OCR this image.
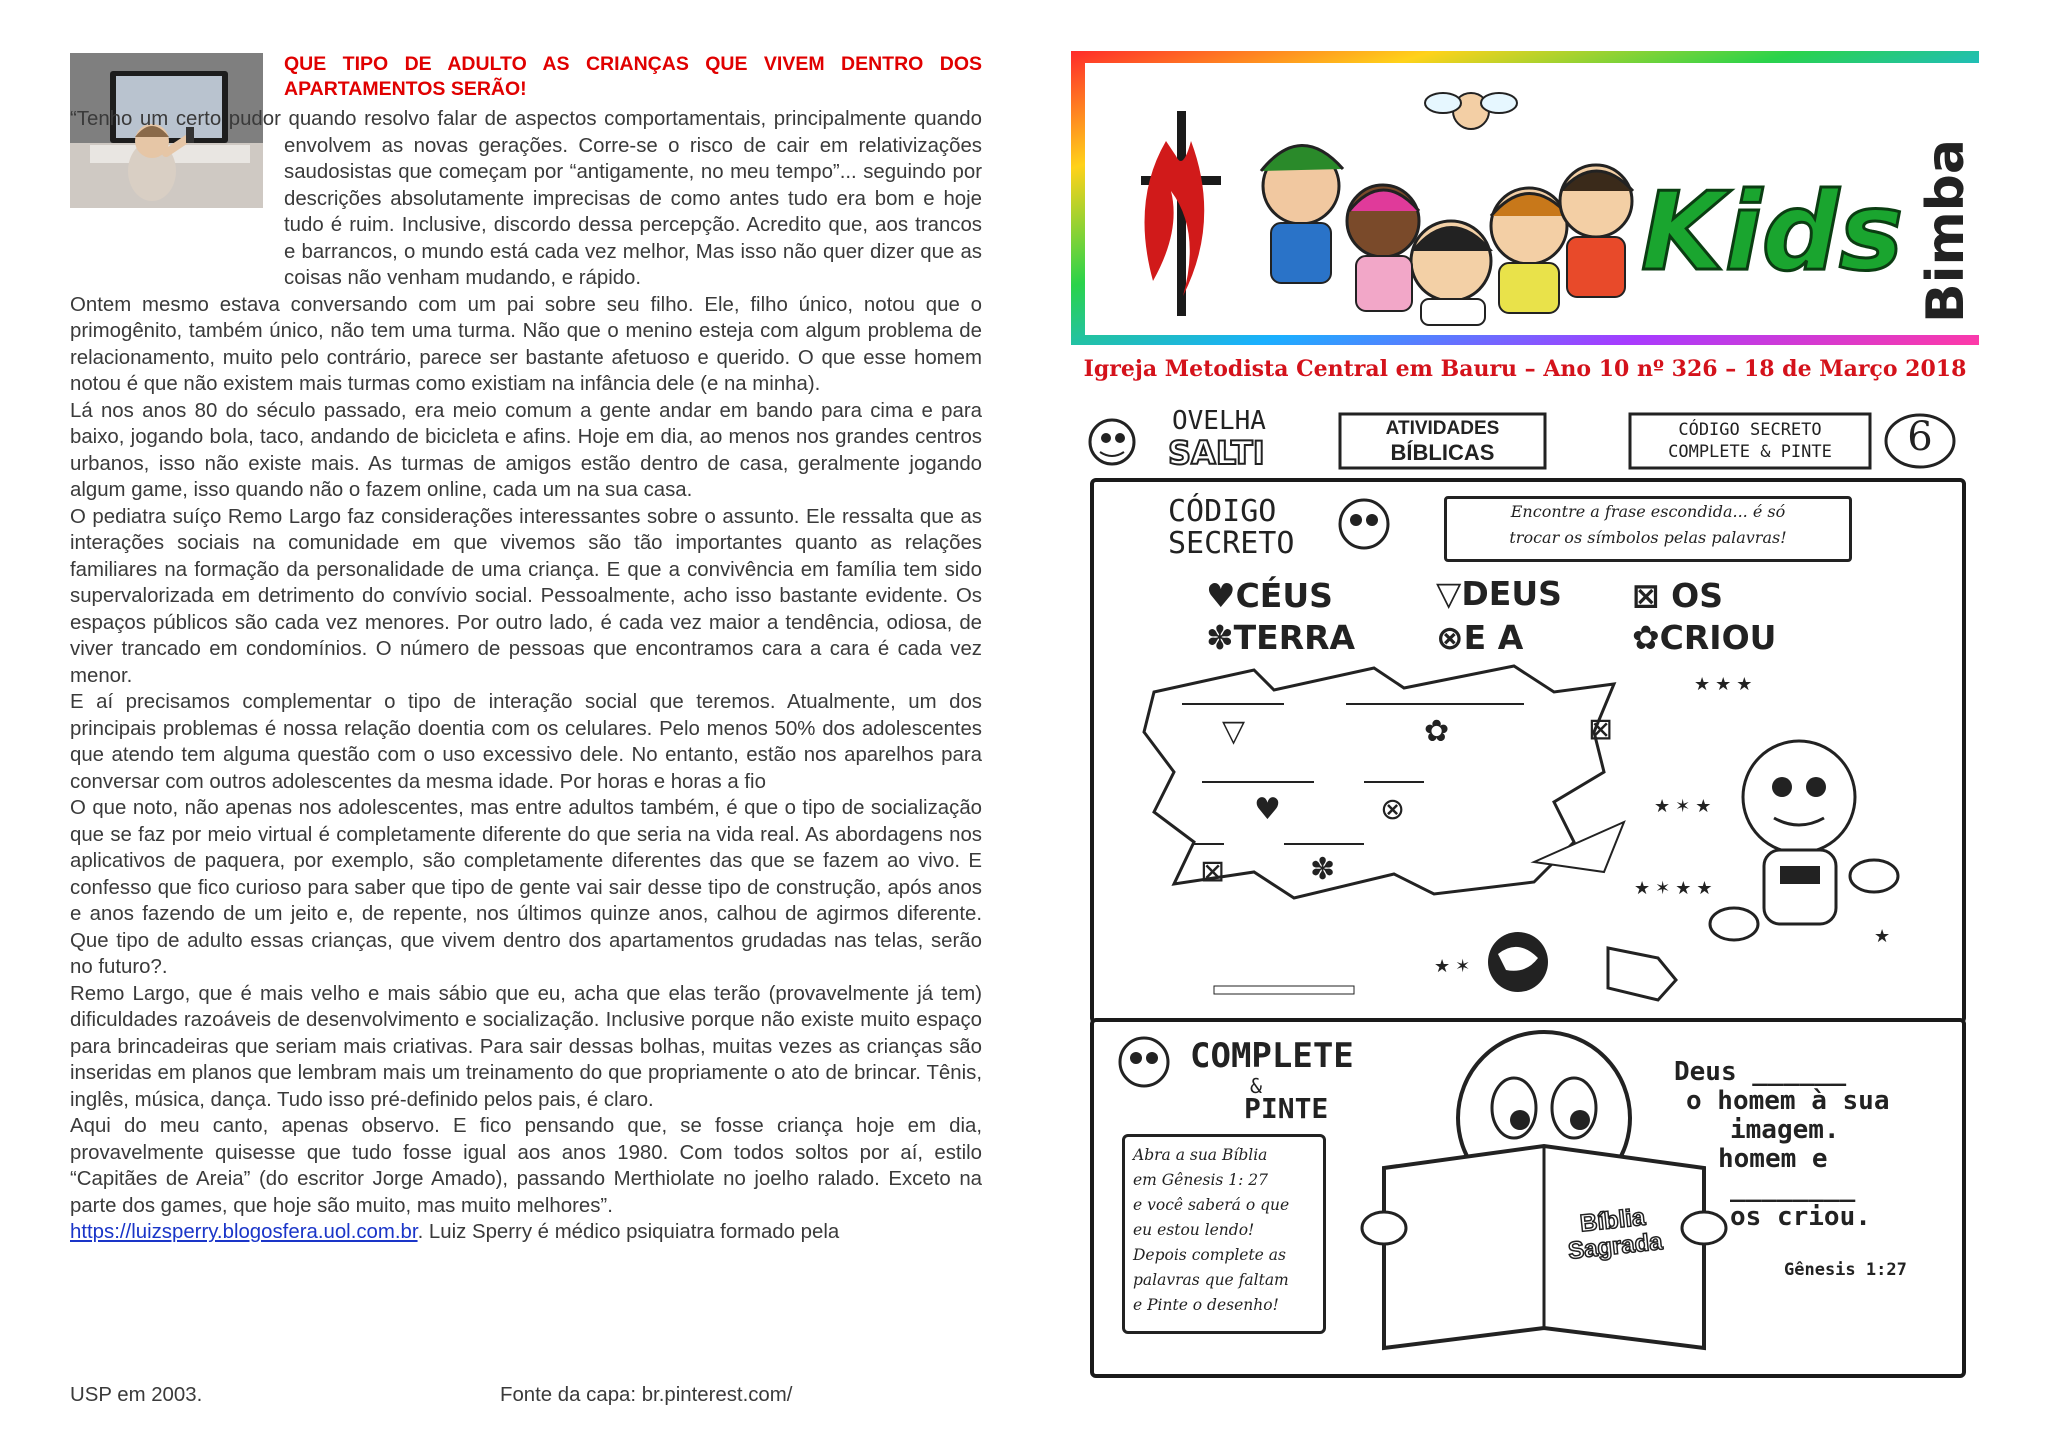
QUE TIPO DE ADULTO AS CRIANÇAS QUE VIVEM DENTRO DOS APARTAMENTOS SERÃO!

“Tenho um certo pudor quando resolvo falar de aspectos comportamentais, principalmente quando envolvem as novas gerações. Corre-se o risco de cair em relativizações saudosistas que começam por “antigamente, no meu tempo”... seguindo por descrições absolutamente imprecisas de como antes tudo era bom e hoje tudo é ruim. Inclusive, discordo dessa percepção. Acredito que, aos trancos e barrancos, o mundo está cada vez melhor, Mas isso não quer dizer que as coisas não venham mudando, e rápido.

Ontem mesmo estava conversando com um pai sobre seu filho. Ele, filho único, notou que o primogênito, também único, não tem uma turma. Não que o menino esteja com algum problema de relacionamento, muito pelo contrário, parece ser bastante afetuoso e querido. O que esse homem notou é que não existem mais turmas como existiam na infância dele (e na minha).

Lá nos anos 80 do século passado, era meio comum a gente andar em bando para cima e para baixo, jogando bola, taco, andando de bicicleta e afins. Hoje em dia, ao menos nos grandes centros urbanos, isso não existe mais. As turmas de amigos estão dentro de casa, geralmente jogando algum game, isso quando não o fazem online, cada um na sua casa.

O pediatra suíço Remo Largo faz considerações interessantes sobre o assunto. Ele ressalta que as interações sociais na comunidade em que vivemos são tão importantes quanto as relações familiares na formação da personalidade de uma criança. E que a convivência em família tem sido supervalorizada em detrimento do convívio social. Pessoalmente, acho isso bastante evidente. Os espaços públicos são cada vez menores. Por outro lado, é cada vez maior a tendência, odiosa, de viver trancado em condomínios. O número de pessoas que encontramos cara a cara é cada vez menor.

E aí precisamos complementar o tipo de interação social que teremos. Atualmente, um dos principais problemas é nossa relação doentia com os celulares. Pelo menos 50% dos adolescentes que atendo tem alguma questão com o uso excessivo dele. No entanto, estão nos aparelhos para conversar com outros adolescentes da mesma idade. Por horas e horas a fio

O que noto, não apenas nos adolescentes, mas entre adultos também, é que o tipo de socialização que se faz por meio virtual é completamente diferente do que seria na vida real. As abordagens nos aplicativos de paquera, por exemplo, são completamente diferentes das que se fazem ao vivo. E confesso que fico curioso para saber que tipo de gente vai sair desse tipo de construção, após anos e anos fazendo de um jeito e, de repente, nos últimos quinze anos, calhou de agirmos diferente. Que tipo de adulto essas crianças, que vivem dentro dos apartamentos grudadas nas telas, serão no futuro?.

Remo Largo, que é mais velho e mais sábio que eu, acha que elas terão (provavelmente já tem) dificuldades razoáveis de desenvolvimento e socialização. Inclusive porque não existe muito espaço para brincadeiras que seriam mais criativas. Para sair dessas bolhas, muitas vezes as crianças são inseridas em planos que lembram mais um treinamento do que propriamente o ato de brincar. Tênis, inglês, música, dança. Tudo isso pré-definido pelos pais, é claro.

Aqui do meu canto, apenas observo. E fico pensando que, se fosse criança hoje em dia, provavelmente quisesse que tudo fosse igual aos anos 1980. Com todos soltos por aí, estilo “Capitães de Areia” (do escritor Jorge Amado), passando Merthiolate no joelho ralado. Exceto na parte dos games, que hoje são muito, mas muito melhores”.

https://luizsperry.blogosfera.uol.com.br. Luiz Sperry é médico psiquiatra formado pela

USP em 2003.	Fonte da capa: br.pinterest.com/
Kids Bimba
Igreja Metodista Central em Bauru – Ano 10 nº 326 – 18 de Março 2018
OVELHA
SALTI
ATIVIDADES
BÍBLICAS
CÓDIGO SECRETO
COMPLETE & PINTE	6
CÓDIGO
SECRETO
Encontre a frase escondida... é só
trocar os símbolos pelas palavras!
♥CÉUS	▽DEUS ⊠ OS
✽TERRA ⊗E A	✿CRIOU
★ ✶ ★
★ ✶ ★ ★
★ ★ ★
★ ✶
★
▽	✿	⊠
♥	⊗
⊠	✽
COMPLETE
&
PINTE
Abra a sua Bíblia
em Gênesis 1: 27
e você saberá o que
eu estou lendo!
Depois complete as
palavras que faltam
e Pinte o desenho!
Bíblia
Sagrada
Deus ______
o homem à sua
imagem.
homem e
________
os criou.
Gênesis 1:27
